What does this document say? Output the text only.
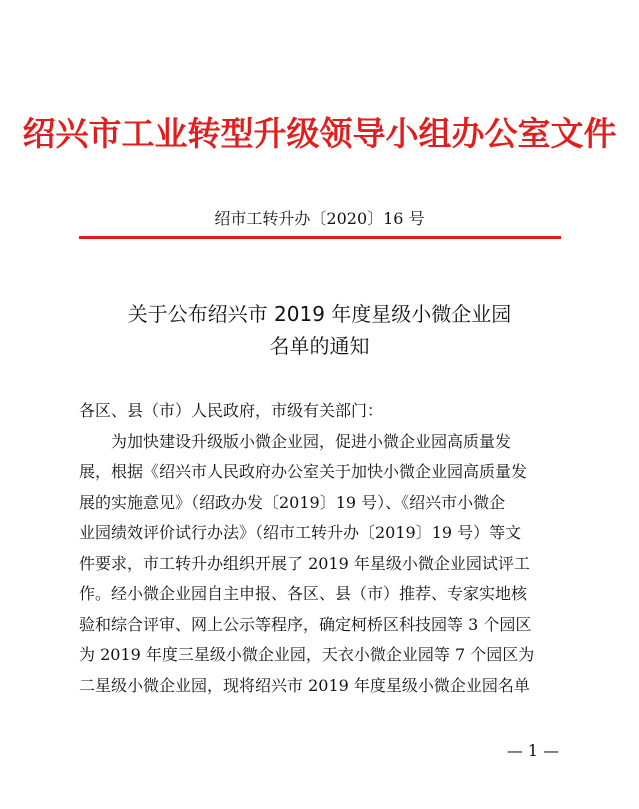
绍兴市工业转型升级领导小组办公室文件
绍市工转升办〔2020〕16 号
关于公布绍兴市 2019 年度星级小微企业园
名单的通知
各区、县（市）人民政府，市级有关部门：
为加快建设升级版小微企业园，促进小微企业园高质量发
展，根据《绍兴市人民政府办公室关于加快小微企业园高质量发
展的实施意见》（绍政办发〔2019〕19 号）、《绍兴市小微企
业园绩效评价试行办法》（绍市工转升办〔2019〕19 号）等文
件要求，市工转升办组织开展了 2019 年星级小微企业园试评工
作。经小微企业园自主申报、各区、县（市）推荐、专家实地核
验和综合评审、网上公示等程序，确定柯桥区科技园等 3 个园区
为 2019 年度三星级小微企业园，天衣小微企业园等 7 个园区为
二星级小微企业园，现将绍兴市 2019 年度星级小微企业园名单
— 1 —
